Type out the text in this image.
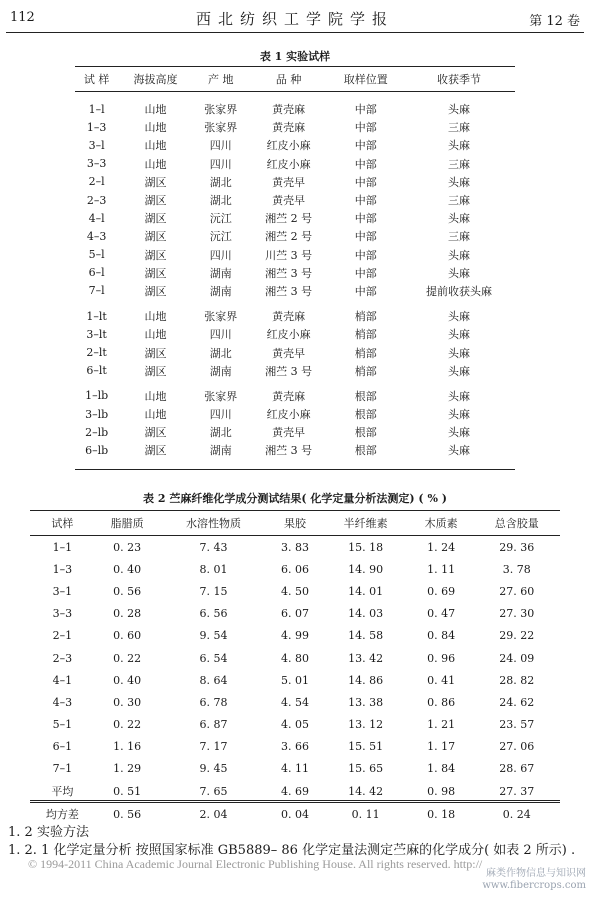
112	西北纺织工学院学报	第 12 卷
表 1 实验试样
试 样	海拔高度	产 地	品 种	取样位置	收获季节
1–l	山地	张家界	黄壳麻	中部	头麻
1–3	山地	张家界	黄壳麻	中部	三麻
3–l	山地	四川	红皮小麻	中部	头麻
3–3	山地	四川	红皮小麻	中部	三麻
2–l	湖区	湖北	黄壳早	中部	头麻
2–3	湖区	湖北	黄壳早	中部	三麻
4–l	湖区	沅江	湘苎 2 号	中部	头麻
4–3	湖区	沅江	湘苎 2 号	中部	三麻
5–l	湖区	四川	川苎 3 号	中部	头麻
6–l	湖区	湖南	湘苎 3 号	中部	头麻
7–l	湖区	湖南	湘苎 3 号	中部	提前收获头麻
1–lt	山地	张家界	黄壳麻	梢部	头麻
3–lt	山地	四川	红皮小麻	梢部	头麻
2–lt	湖区	湖北	黄壳早	梢部	头麻
6–lt	湖区	湖南	湘苎 3 号	梢部	头麻
1–lb	山地	张家界	黄壳麻	根部	头麻
3–lb	山地	四川	红皮小麻	根部	头麻
2–lb	湖区	湖北	黄壳早	根部	头麻
6–lb	湖区	湖南	湘苎 3 号	根部	头麻
表 2 苎麻纤维化学成分测试结果( 化学定量分析法测定) ( % )
试样	脂腊质	水溶性物质	果胶	半纤维素	木质素	总含胶量
1–1	0. 23	7. 43	3. 83	15. 18	1. 24	29. 36
1–3	0. 40	8. 01	6. 06	14. 90	1. 11	3. 78
3–1	0. 56	7. 15	4. 50	14. 01	0. 69	27. 60
3–3	0. 28	6. 56	6. 07	14. 03	0. 47	27. 30
2–1	0. 60	9. 54	4. 99	14. 58	0. 84	29. 22
2–3	0. 22	6. 54	4. 80	13. 42	0. 96	24. 09
4–1	0. 40	8. 64	5. 01	14. 86	0. 41	28. 82
4–3	0. 30	6. 78	4. 54	13. 38	0. 86	24. 62
5–1	0. 22	6. 87	4. 05	13. 12	1. 21	23. 57
6–1	1. 16	7. 17	3. 66	15. 51	1. 17	27. 06
7–1	1. 29	9. 45	4. 11	15. 65	1. 84	28. 67
平均	0. 51	7. 65	4. 69	14. 42	0. 98	27. 37
均方差	0. 56	2. 04	0. 04	0. 11	0. 18	0. 24
1. 2 实验方法
1. 2. 1 化学定量分析 按照国家标准 GB5889– 86 化学定量法测定苎麻的化学成分( 如表 2 所示) .
© 1994-2011 China Academic Journal Electronic Publishing House. All rights reserved. http://
麻类作物信息与知识网
www.fibercrops.com
